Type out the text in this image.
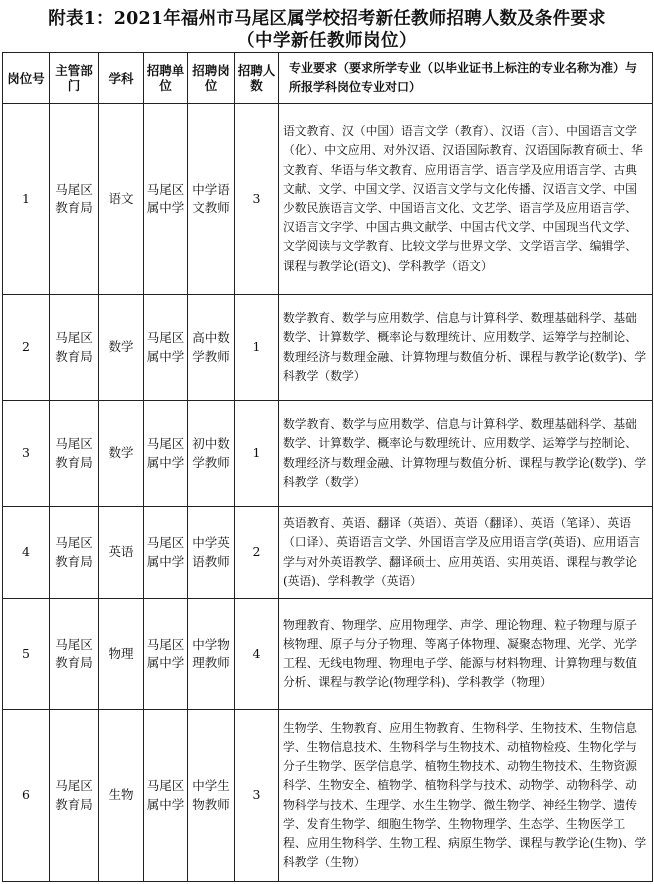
附表1：2021年福州市马尾区属学校招考新任教师招聘人数及条件要求
（中学新任教师岗位）
岗位号	主管部门	学科	招聘单位	招聘岗位	招聘人数	专业要求（要求所学专业（以毕业证书上标注的专业名称为准）与所报学科岗位专业对口）
1	马尾区教育局	语文	马尾区属中学	中学语文教师	3	语文教育、汉（中国）语言文学（教育）、汉语（言）、中国语言文学（化）、中文应用、对外汉语、汉语国际教育、汉语国际教育硕士、华文教育、华语与华文教育、应用语言学、语言学及应用语言学、古典文献、文学、中国文学、汉语言文学与文化传播、汉语言文学、中国少数民族语言文学、中国语言文化、文艺学、语言学及应用语言学、汉语言文字学、中国古典文献学、中国古代文学、中国现当代文学、文学阅读与文学教育、比较文学与世界文学、文学语言学、编辑学、课程与教学论(语文)、学科教学（语文）
2	马尾区教育局	数学	马尾区属中学	高中数学教师	1	数学教育、数学与应用数学、信息与计算科学、数理基础科学、基础数学、计算数学、概率论与数理统计、应用数学、运筹学与控制论、数理经济与数理金融、计算物理与数值分析、课程与教学论(数学)、学科教学（数学）
3	马尾区教育局	数学	马尾区属中学	初中数学教师	1	数学教育、数学与应用数学、信息与计算科学、数理基础科学、基础数学、计算数学、概率论与数理统计、应用数学、运筹学与控制论、数理经济与数理金融、计算物理与数值分析、课程与教学论(数学)、学科教学（数学）
4	马尾区教育局	英语	马尾区属中学	中学英语教师	2	英语教育、英语、翻译（英语）、英语（翻译）、英语（笔译）、英语（口译）、英语语言文学、外国语言学及应用语言学(英语)、应用语言学与对外英语教学、翻译硕士、应用英语、实用英语、课程与教学论(英语)、学科教学（英语）
5	马尾区教育局	物理	马尾区属中学	中学物理教师	4	物理教育、物理学、应用物理学、声学、理论物理、粒子物理与原子核物理、原子与分子物理、等离子体物理、凝聚态物理、光学、光学工程、无线电物理、物理电子学、能源与材料物理、计算物理与数值分析、课程与教学论(物理学科)、学科教学（物理）
6	马尾区教育局	生物	马尾区属中学	中学生物教师	3	生物学、生物教育、应用生物教育、生物科学、生物技术、生物信息学、生物信息技术、生物科学与生物技术、动植物检疫、生物化学与分子生物学、医学信息学、植物生物技术、动物生物技术、生物资源科学、生物安全、植物学、植物科学与技术、动物学、动物科学、动物科学与技术、生理学、水生生物学、微生物学、神经生物学、遗传学、发育生物学、细胞生物学、生物物理学、生态学、生物医学工程、应用生物科学、生物工程、病原生物学、课程与教学论(生物)、学科教学（生物）
